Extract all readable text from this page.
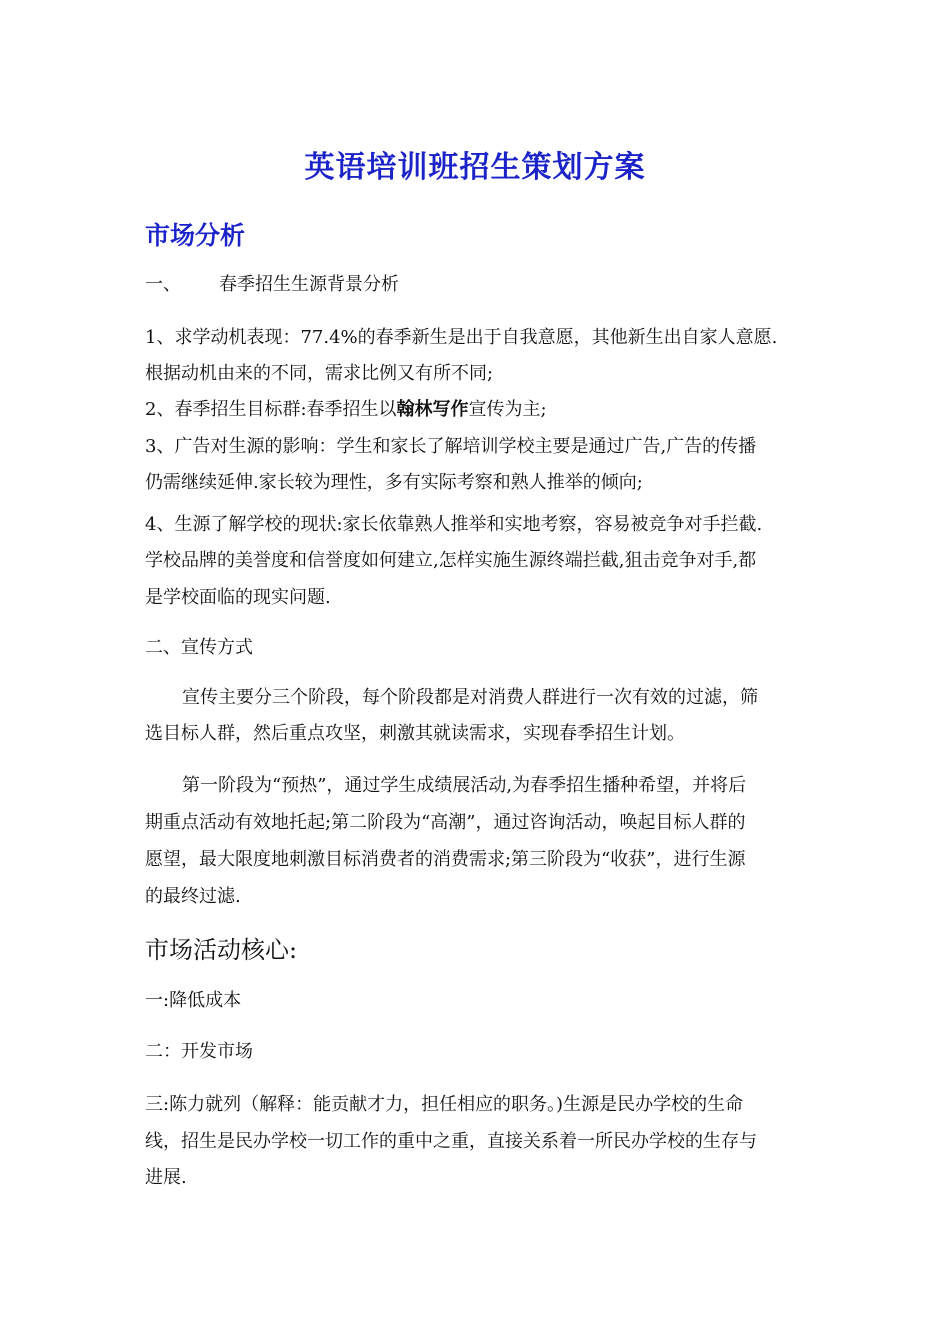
英语培训班招生策划方案
市场分析
一、 春季招生生源背景分析
1、求学动机表现：77.4%的春季新生是出于自我意愿，其他新生出自家人意愿.
根据动机由来的不同，需求比例又有所不同;
2、春季招生目标群:春季招生以翰林写作宣传为主;
3、广告对生源的影响：学生和家长了解培训学校主要是通过广告,广告的传播
仍需继续延伸.家长较为理性，多有实际考察和熟人推举的倾向;
4、生源了解学校的现状:家长依靠熟人推举和实地考察，容易被竞争对手拦截.
学校品牌的美誉度和信誉度如何建立,怎样实施生源终端拦截,狙击竞争对手,都
是学校面临的现实问题.
二、宣传方式
宣传主要分三个阶段，每个阶段都是对消费人群进行一次有效的过滤，筛
选目标人群，然后重点攻坚，刺激其就读需求，实现春季招生计划。
第一阶段为“预热”，通过学生成绩展活动,为春季招生播种希望，并将后
期重点活动有效地托起;第二阶段为“高潮”，通过咨询活动，唤起目标人群的
愿望，最大限度地刺激目标消费者的消费需求;第三阶段为“收获”，进行生源
的最终过滤.
市场活动核心:
一:降低成本
二：开发市场
三:陈力就列（解释：能贡献才力，担任相应的职务。)生源是民办学校的生命
线，招生是民办学校一切工作的重中之重，直接关系着一所民办学校的生存与
进展.
